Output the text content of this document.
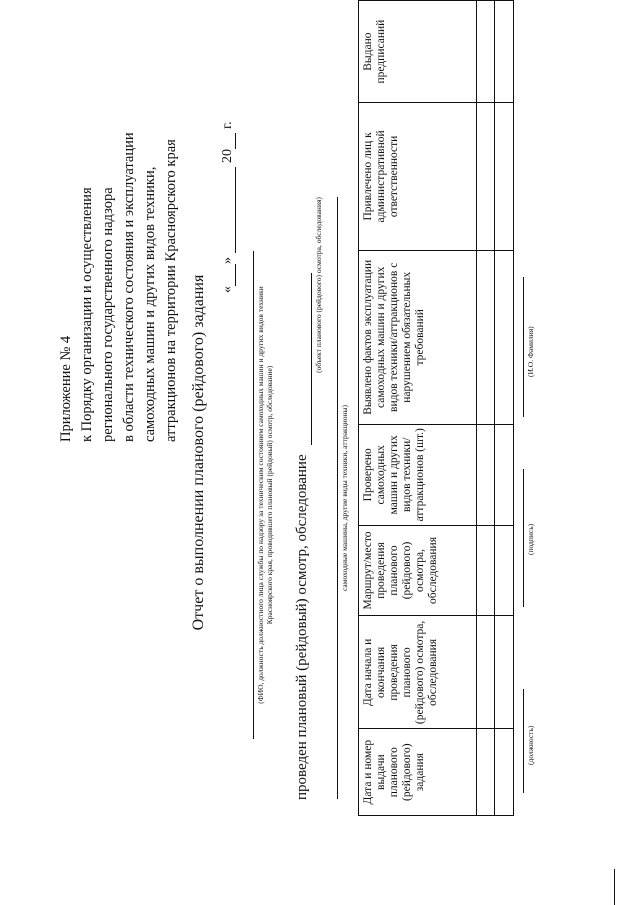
Приложение № 4 к Порядку организации и осуществления регионального государственного надзора в области технического состояния и эксплуатации самоходных машин и других видов техники, аттракционов на территории Красноярского края	«»20г.
Отчет о выполнении планового (рейдового) задания	(ФИО, должность должностного лица службы по надзору за техническим состоянием самоходных машин и других видов техники Красноярского края, проводившего плановый (рейдовый) осмотр, обследование) проведен плановый (рейдовый) осмотр, обследование
(объект планового (рейдового) осмотра, обследования)
самоходные машины, другие виды техники, аттракционы)
Дата и номер выдачи планового (рейдового) задания	Дата начала и окончания проведения планового (рейдового) осмотра, обследования	Маршрут/место проведения планового (рейдового) осмотра, обследования	Проверено самоходных машин и других видов техники/ аттракционов (шт.)	Выявлено фактов эксплуатации самоходных машин и других видов техники/аттракционов с нарушением обязательных требований	Привлечено лиц к административной ответственности	Выдано предписаний

(должность)
(подпись)
(И.О. Фамилия)
